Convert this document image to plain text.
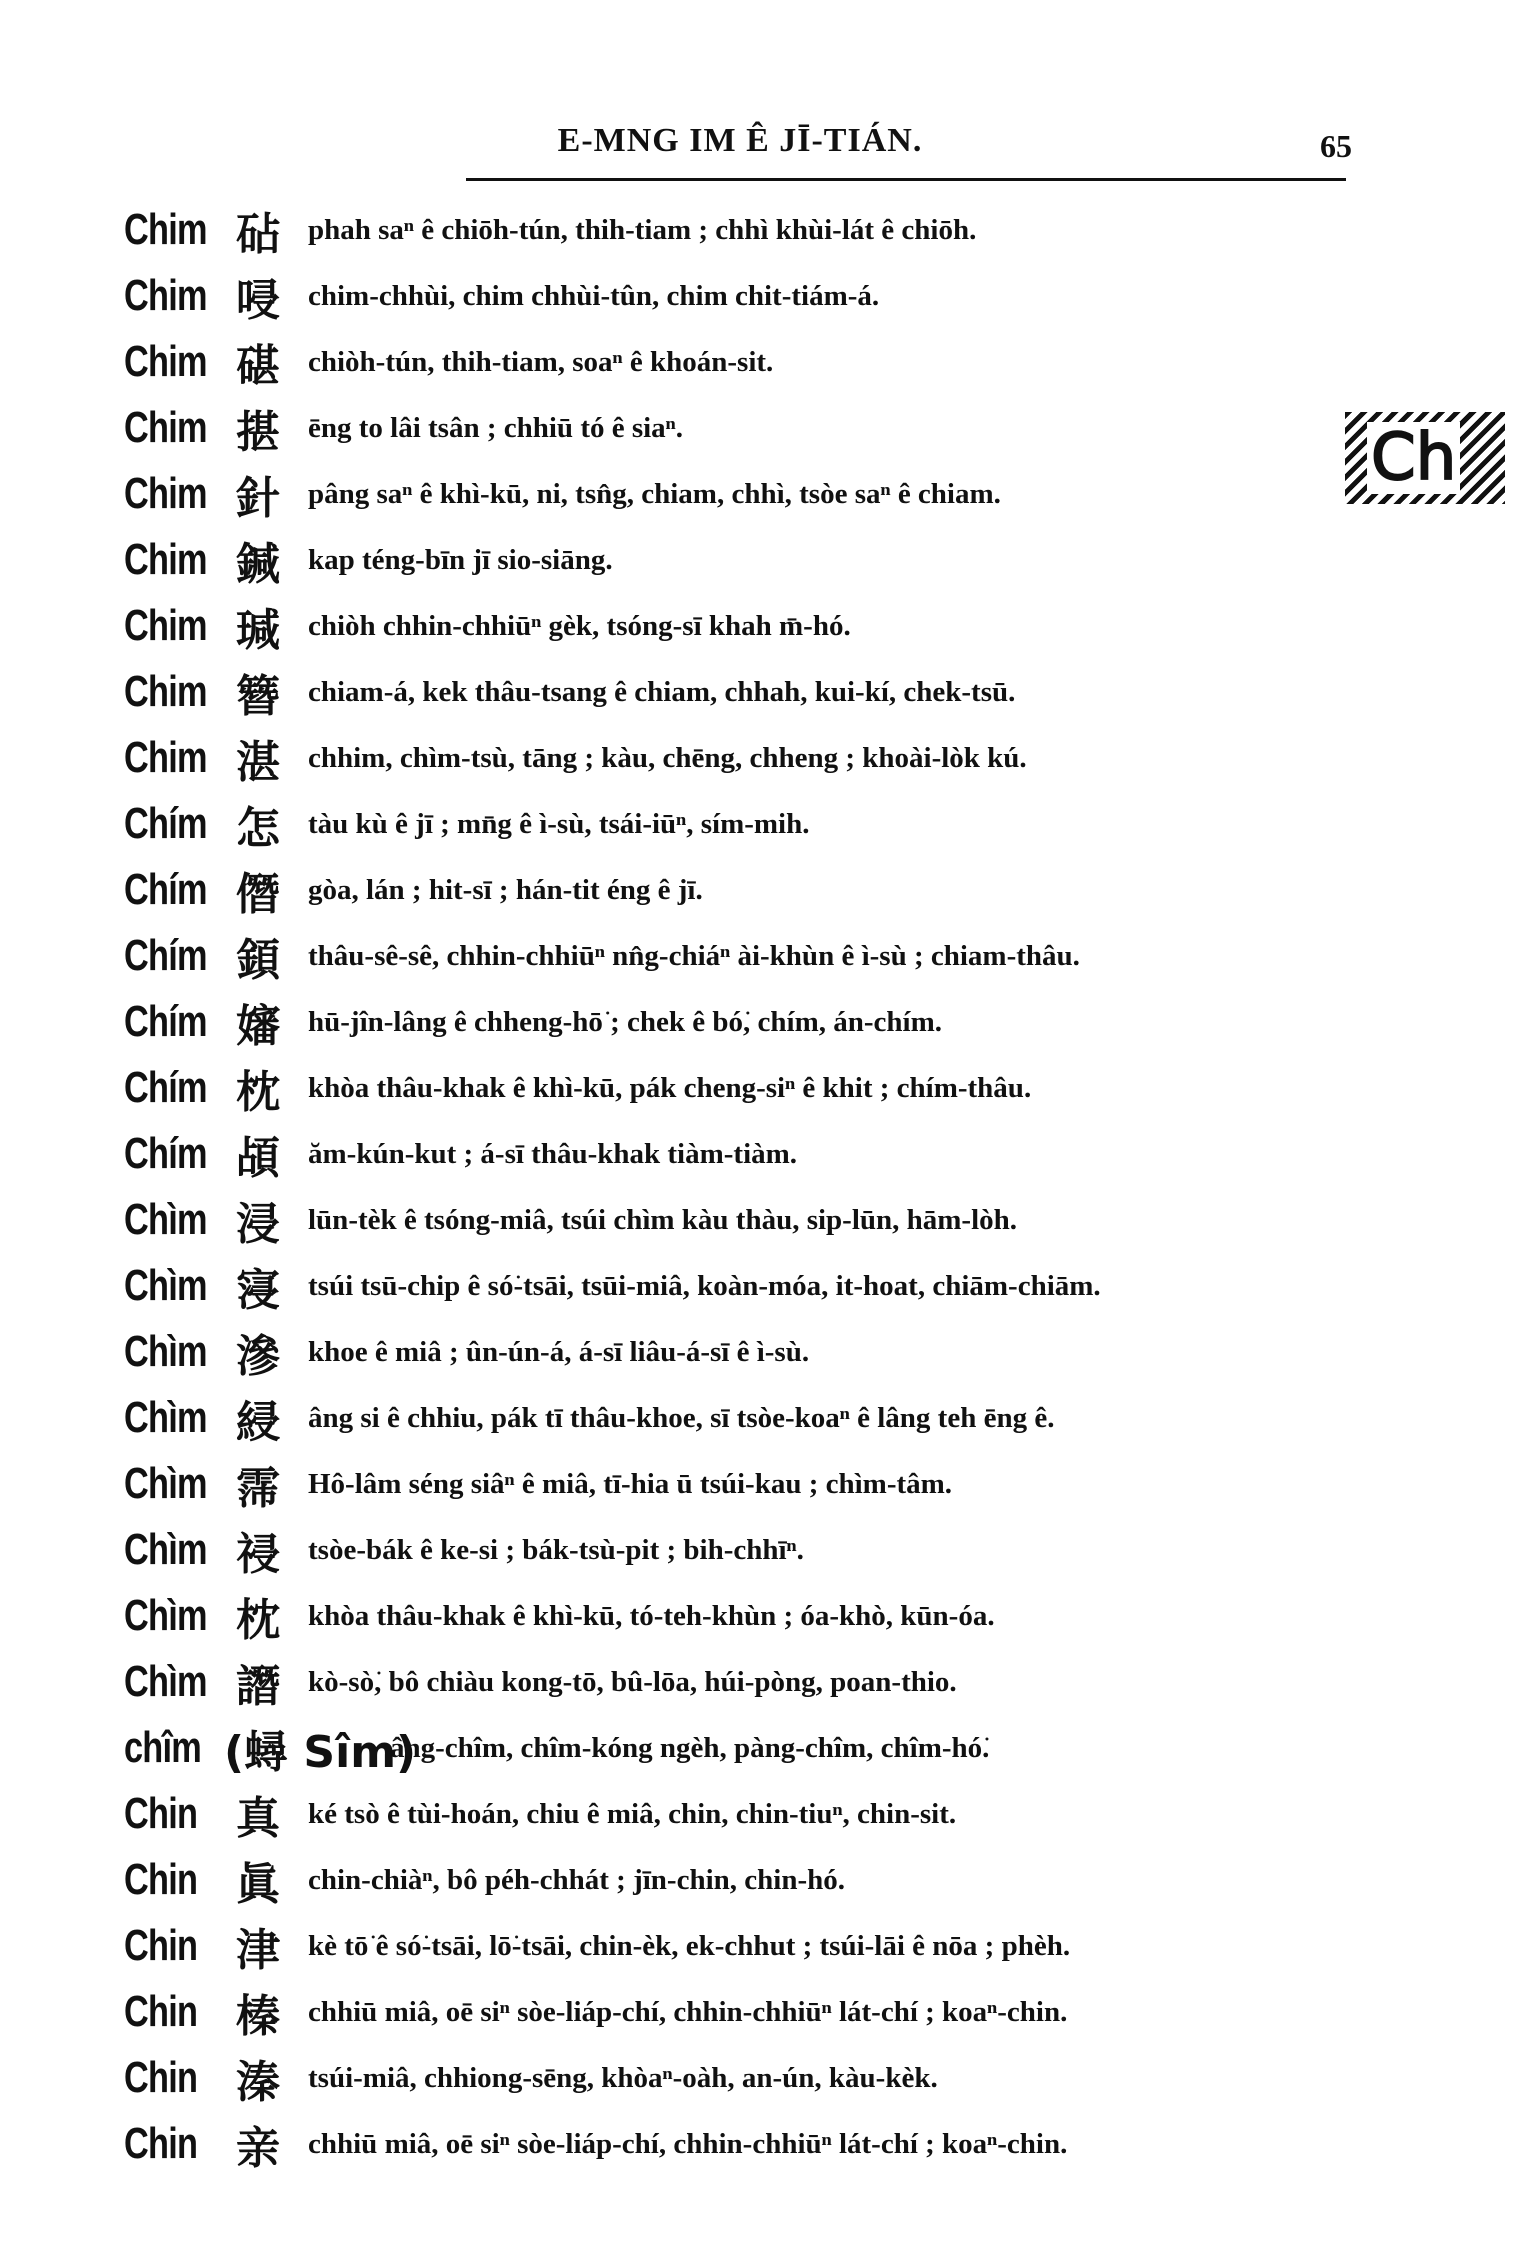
E-MNG IM Ê JĪ-TIÁN.	65
Ch
Chim 砧 phah saⁿ ê chiōh-tún, thih-tiam ; chhì khùi-lát ê chiōh.
Chim 唚 chim-chhùi, chim chhùi-tûn, chim chit-tiám-á.
Chim 碪 chiòh-tún, thih-tiam, soaⁿ ê khoán-sit.
Chim 揕 ēng to lâi tsân ; chhiū tó ê siaⁿ.
Chim 針 pâng saⁿ ê khì-kū, ni, tsn̂g, chiam, chhì, tsòe saⁿ ê chiam.
Chim 鍼 kap téng-bīn jī sio-siāng.
Chim 瑊 chiòh chhin-chhiūⁿ gèk, tsóng-sī khah m̄-hó.
Chim 簪 chiam-á, kek thâu-tsang ê chiam, chhah, kui-kí, chek-tsū.
Chim 湛 chhim, chìm-tsù, tāng ; kàu, chēng, chheng ; khoài-lòk kú.
Chím 怎 tàu kù ê jī ; mn̄g ê ì-sù, tsái-iūⁿ, sím-mih.
Chím 僭 gòa, lán ; hit-sī ; hán-tit éng ê jī.
Chím 顉 thâu-sê-sê, chhin-chhiūⁿ nn̂g-chiáⁿ ài-khùn ê ì-sù ; chiam-thâu.
Chím 嬸 hū-jîn-lâng ê chheng-hō͘ ; chek ê bó͘, chím, án-chím.
Chím 枕 khòa thâu-khak ê khì-kū, pák cheng-siⁿ ê khit ; chím-thâu.
Chím 頕 ăm-kún-kut ; á-sī thâu-khak tiàm-tiàm.
Chìm 浸 lūn-tèk ê tsóng-miâ, tsúi chìm kàu thàu, sip-lūn, hām-lòh.
Chìm 寖 tsúi tsū-chip ê só͘-tsāi, tsūi-miâ, koàn-móa, it-hoat, chiām-chiām.
Chìm 滲 khoe ê miâ ; ûn-ún-á, á-sī liâu-á-sī ê ì-sù.
Chìm 綅 âng si ê chhiu, pák tī thâu-khoe, sī tsòe-koaⁿ ê lâng teh ēng ê.
Chìm 霈 Hô-lâm séng siâⁿ ê miâ, tī-hia ū tsúi-kau ; chìm-tâm.
Chìm 祲 tsòe-bák ê ke-si ; bák-tsù-pit ; bih-chhīⁿ.
Chìm 枕 khòa thâu-khak ê khì-kū, tó-teh-khùn ; óa-khò, kūn-óa.
Chìm 譖 kò-sò͘, bô chiàu kong-tō, bû-lōa, húi-pòng, poan-thio.
chîm (蟳 Sîm)
âng-chîm, chîm-kóng ngèh, pàng-chîm, chîm-hó͘.
Chin 真 ké tsò ê tùi-hoán, chiu ê miâ, chin, chin-tiuⁿ, chin-sit.
Chin 眞 chin-chiàⁿ, bô péh-chhát ; jīn-chin, chin-hó.
Chin 津 kè tō͘ ê só͘-tsāi, lō͘-tsāi, chin-èk, ek-chhut ; tsúi-lāi ê nōa ; phèh.
Chin 榛 chhiū miâ, oē siⁿ sòe-liáp-chí, chhin-chhiūⁿ lát-chí ; koaⁿ-chin.
Chin 溱 tsúi-miâ, chhiong-sēng, khòaⁿ-oàh, an-ún, kàu-kèk.
Chin 亲 chhiū miâ, oē siⁿ sòe-liáp-chí, chhin-chhiūⁿ lát-chí ; koaⁿ-chin.
